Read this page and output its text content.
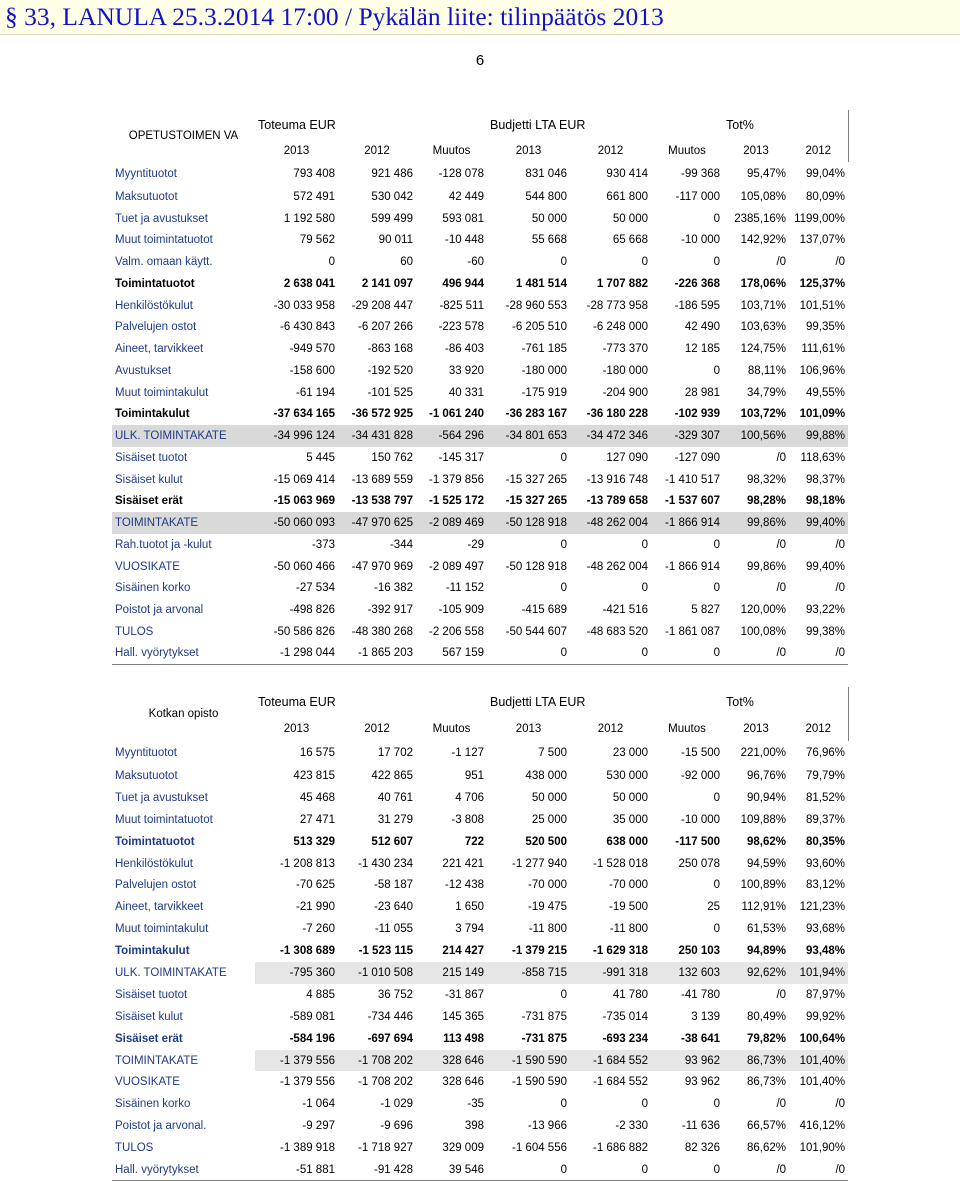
§ 33, LANULA 25.3.2014 17:00 / Pykälän liite: tilinpäätös 2013
6
OPETUSTOIMEN VA	Toteuma EUR			Budjetti LTA EUR			Tot%	
	2013	2012	Muutos	2013	2012	Muutos	2013	2012
Myyntituotot	793 408	921 486	-128 078	831 046	930 414	-99 368	95,47%	99,04%
Maksutuotot	572 491	530 042	42 449	544 800	661 800	-117 000	105,08%	80,09%
Tuet ja avustukset	1 192 580	599 499	593 081	50 000	50 000	0	2385,16%	1199,00%
Muut toimintatuotot	79 562	90 011	-10 448	55 668	65 668	-10 000	142,92%	137,07%
Valm. omaan käytt.	0	60	-60	0	0	0	/0	/0
Toimintatuotot	2 638 041	2 141 097	496 944	1 481 514	1 707 882	-226 368	178,06%	125,37%
Henkilöstökulut	-30 033 958	-29 208 447	-825 511	-28 960 553	-28 773 958	-186 595	103,71%	101,51%
Palvelujen ostot	-6 430 843	-6 207 266	-223 578	-6 205 510	-6 248 000	42 490	103,63%	99,35%
Aineet, tarvikkeet	-949 570	-863 168	-86 403	-761 185	-773 370	12 185	124,75%	111,61%
Avustukset	-158 600	-192 520	33 920	-180 000	-180 000	0	88,11%	106,96%
Muut toimintakulut	-61 194	-101 525	40 331	-175 919	-204 900	28 981	34,79%	49,55%
Toimintakulut	-37 634 165	-36 572 925	-1 061 240	-36 283 167	-36 180 228	-102 939	103,72%	101,09%
ULK. TOIMINTAKATE	-34 996 124	-34 431 828	-564 296	-34 801 653	-34 472 346	-329 307	100,56%	99,88%
Sisäiset tuotot	5 445	150 762	-145 317	0	127 090	-127 090	/0	118,63%
Sisäiset kulut	-15 069 414	-13 689 559	-1 379 856	-15 327 265	-13 916 748	-1 410 517	98,32%	98,37%
Sisäiset erät	-15 063 969	-13 538 797	-1 525 172	-15 327 265	-13 789 658	-1 537 607	98,28%	98,18%
TOIMINTAKATE	-50 060 093	-47 970 625	-2 089 469	-50 128 918	-48 262 004	-1 866 914	99,86%	99,40%
Rah.tuotot ja -kulut	-373	-344	-29	0	0	0	/0	/0
VUOSIKATE	-50 060 466	-47 970 969	-2 089 497	-50 128 918	-48 262 004	-1 866 914	99,86%	99,40%
Sisäinen korko	-27 534	-16 382	-11 152	0	0	0	/0	/0
Poistot ja arvonal	-498 826	-392 917	-105 909	-415 689	-421 516	5 827	120,00%	93,22%
TULOS	-50 586 826	-48 380 268	-2 206 558	-50 544 607	-48 683 520	-1 861 087	100,08%	99,38%
Hall. vyörytykset	-1 298 044	-1 865 203	567 159	0	0	0	/0	/0
Kotkan opisto	Toteuma EUR			Budjetti LTA EUR			Tot%	
	2013	2012	Muutos	2013	2012	Muutos	2013	2012
Myyntituotot	16 575	17 702	-1 127	7 500	23 000	-15 500	221,00%	76,96%
Maksutuotot	423 815	422 865	951	438 000	530 000	-92 000	96,76%	79,79%
Tuet ja avustukset	45 468	40 761	4 706	50 000	50 000	0	90,94%	81,52%
Muut toimintatuotot	27 471	31 279	-3 808	25 000	35 000	-10 000	109,88%	89,37%
Toimintatuotot	513 329	512 607	722	520 500	638 000	-117 500	98,62%	80,35%
Henkilöstökulut	-1 208 813	-1 430 234	221 421	-1 277 940	-1 528 018	250 078	94,59%	93,60%
Palvelujen ostot	-70 625	-58 187	-12 438	-70 000	-70 000	0	100,89%	83,12%
Aineet, tarvikkeet	-21 990	-23 640	1 650	-19 475	-19 500	25	112,91%	121,23%
Muut toimintakulut	-7 260	-11 055	3 794	-11 800	-11 800	0	61,53%	93,68%
Toimintakulut	-1 308 689	-1 523 115	214 427	-1 379 215	-1 629 318	250 103	94,89%	93,48%
ULK. TOIMINTAKATE	-795 360	-1 010 508	215 149	-858 715	-991 318	132 603	92,62%	101,94%
Sisäiset tuotot	4 885	36 752	-31 867	0	41 780	-41 780	/0	87,97%
Sisäiset kulut	-589 081	-734 446	145 365	-731 875	-735 014	3 139	80,49%	99,92%
Sisäiset erät	-584 196	-697 694	113 498	-731 875	-693 234	-38 641	79,82%	100,64%
TOIMINTAKATE	-1 379 556	-1 708 202	328 646	-1 590 590	-1 684 552	93 962	86,73%	101,40%
VUOSIKATE	-1 379 556	-1 708 202	328 646	-1 590 590	-1 684 552	93 962	86,73%	101,40%
Sisäinen korko	-1 064	-1 029	-35	0	0	0	/0	/0
Poistot ja arvonal.	-9 297	-9 696	398	-13 966	-2 330	-11 636	66,57%	416,12%
TULOS	-1 389 918	-1 718 927	329 009	-1 604 556	-1 686 882	82 326	86,62%	101,90%
Hall. vyörytykset	-51 881	-91 428	39 546	0	0	0	/0	/0
